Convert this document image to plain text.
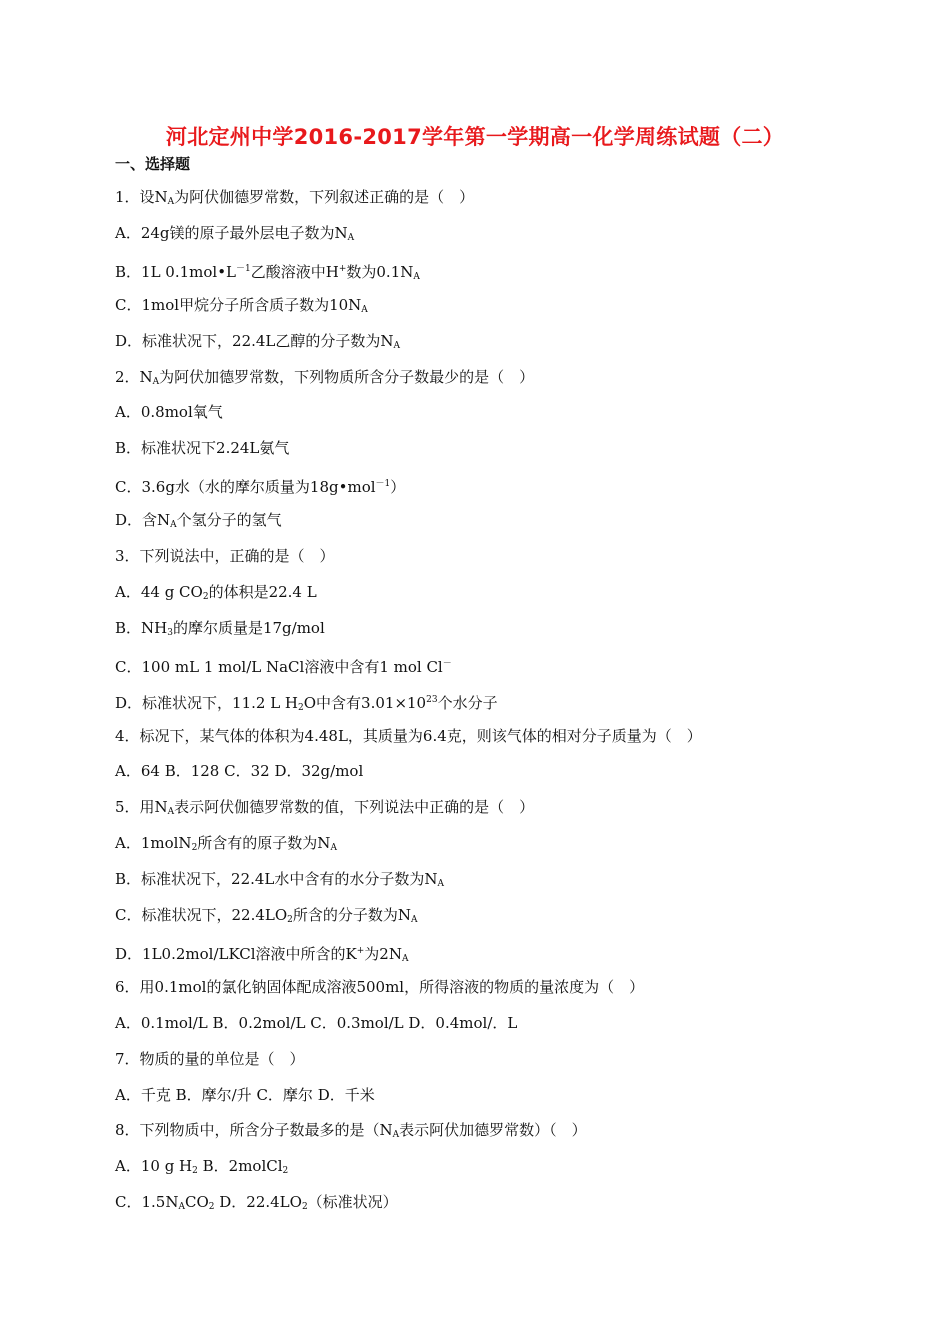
河北定州中学2016-2017学年第一学期高一化学周练试题（二）
一、选择题
1．设$N_A$为阿伏伽德罗常数，下列叙述正确的是（　）
A．24g镁的原子最外层电子数为$N_A$
B．1L $0.1mol•L^{-1}$乙酸溶液中H+数为$0.1N_A$
C．1mol甲烷分子所含质子数为$10N_A$
D．标准状况下，22.4L乙醇的分子数为$N_A$
2．$N_A$为阿伏加德罗常数，下列物质所含分子数最少的是（　）
A．0.8mol氧气
B．标准状况下2.24L氨气
C．3.6g水（水的摩尔质量为18g•mol$^{-1}$）
D．含$N_A$个氢分子的氢气
3．下列说法中，正确的是（　）
A．44 g $CO_2$的体积是22.4 L
B．$NH_3$的摩尔质量是17g/mol
C．100 mL 1 mol/L NaCl溶液中含有1 mol Cl－
D．标准状况下，11.2 L $H_2O$中含有$3.01\times 10^{23}$个水分子
4．标况下，某气体的体积为4.48L，其质量为6.4克，则该气体的相对分子质量为（　）
A．64 B．128 C．32 D．32g/mol
5．用$N_A$表示阿伏伽德罗常数的值，下列说法中正确的是（　）
A．1molN$_2$所含有的原子数为$N_A$
B．标准状况下，22.4L水中含有的水分子数为$N_A$
C．标准状况下，$22.4LO_2$所含的分子数为$N_A$
D．1L0.2mol/LKCl溶液中所含的K+为$2N_A$
6．用0.1mol的氯化钠固体配成溶液500ml，所得溶液的物质的量浓度为（　）
A．0.1mol/L B．0.2mol/L C．0.3mol/L D．0.4mol/．L
7．物质的量的单位是（　）
A．千克 B．摩尔/升 C．摩尔 D．千米
8．下列物质中，所含分子数最多的是（$N_A$表示阿伏加德罗常数）（　）
A．10 g $H_2$ B．2molCl$_2$
C．$1.5N_ACO_2$ D．$22.4LO_2$（标准状况）
